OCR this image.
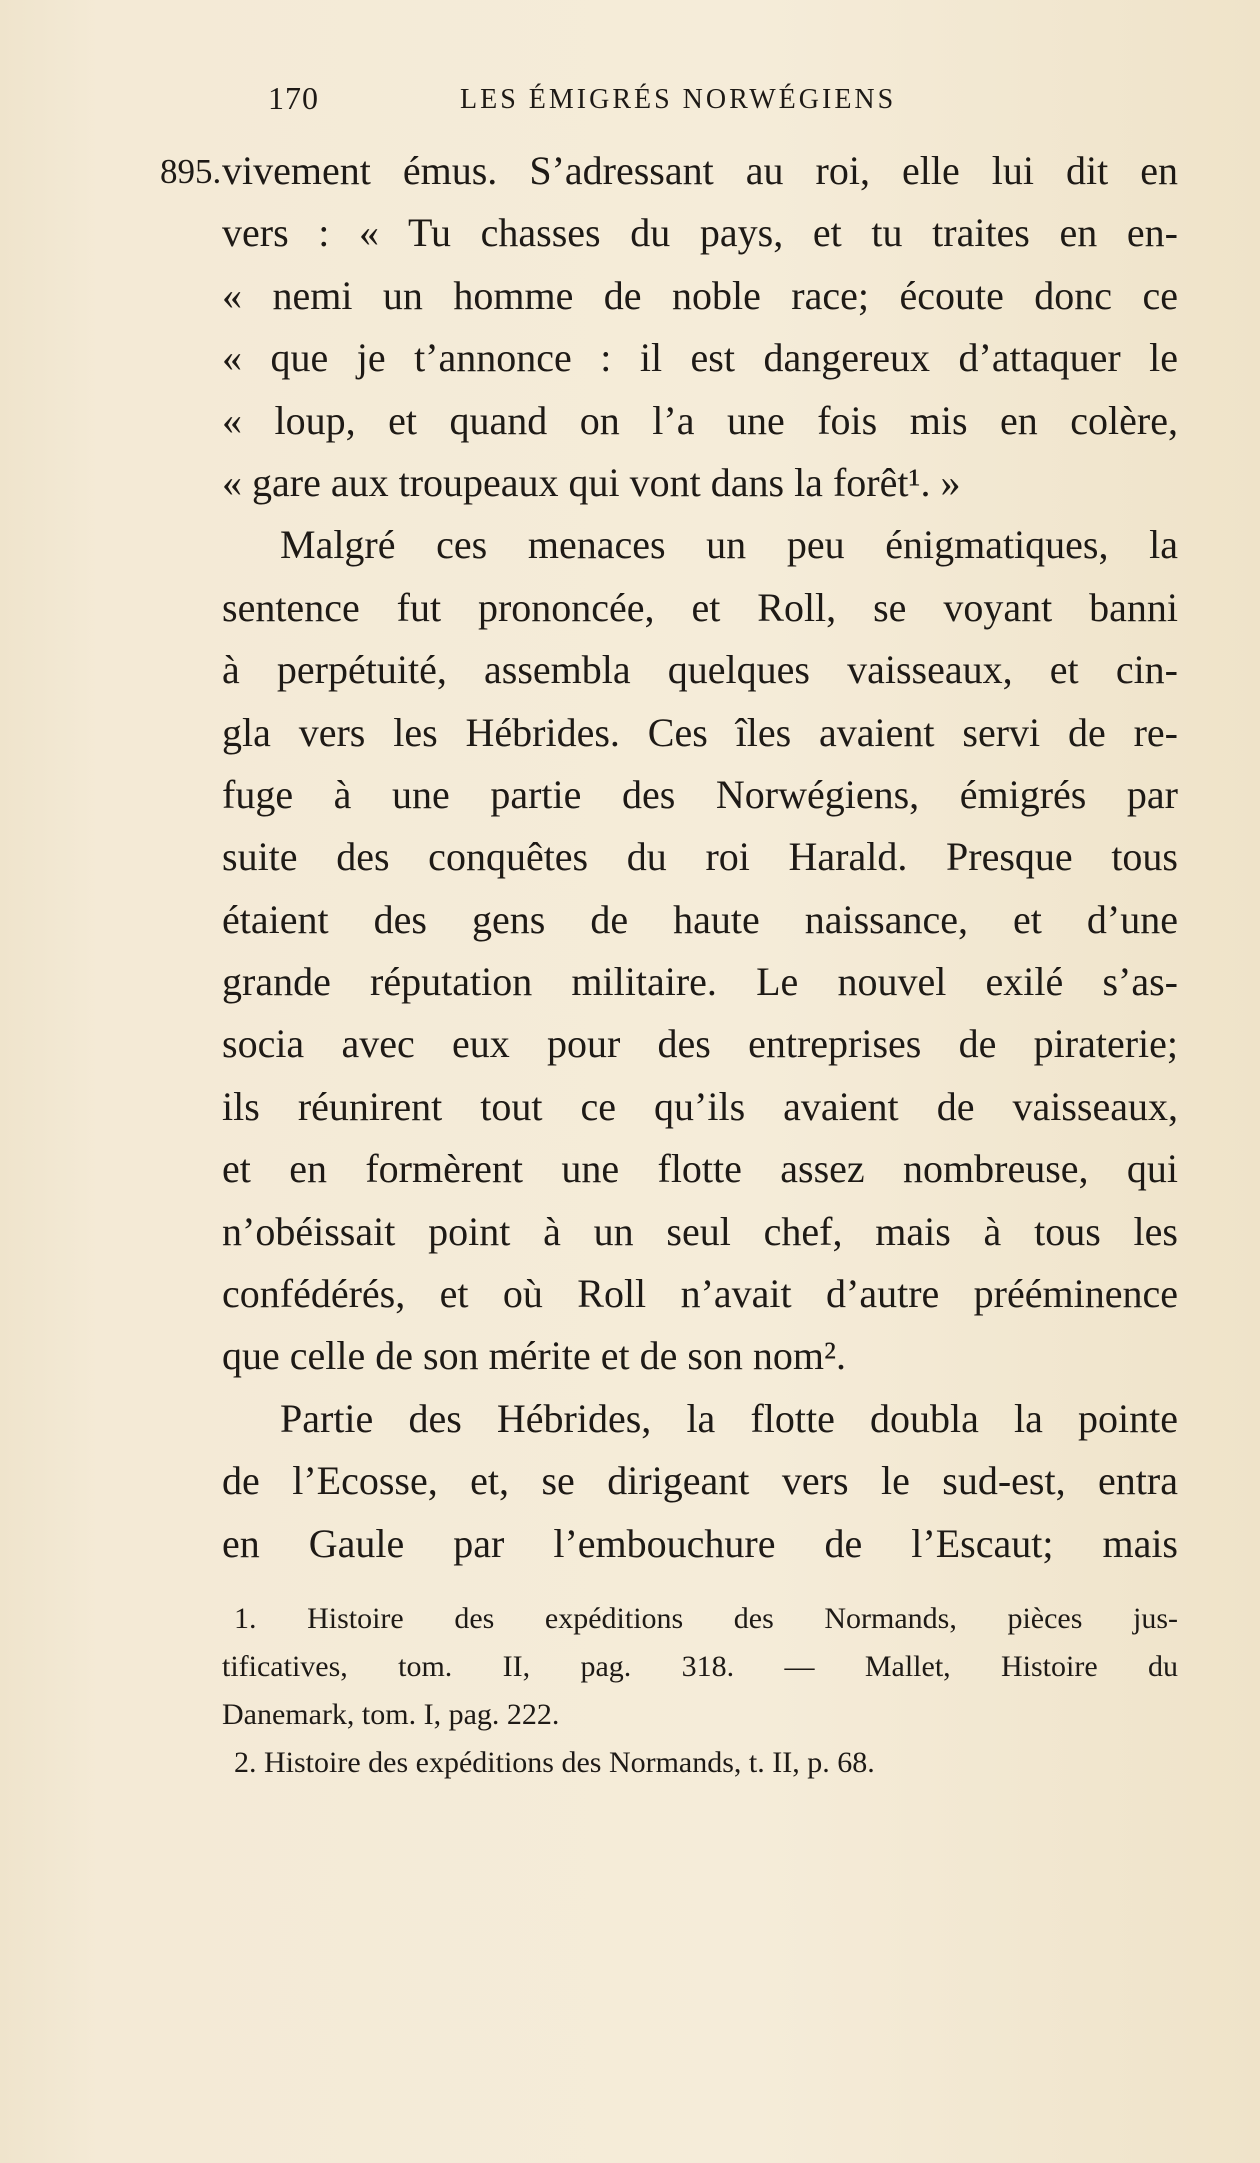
170	LES ÉMIGRÉS NORWÉGIENS
895. vivement émus. S’adressant au roi, elle lui dit en
vers : « Tu chasses du pays, et tu traites en en-
« nemi un homme de noble race; écoute donc ce
« que je t’annonce : il est dangereux d’attaquer le
« loup, et quand on l’a une fois mis en colère,
« gare aux troupeaux qui vont dans la forêt¹. »
Malgré ces menaces un peu énigmatiques, la
sentence fut prononcée, et Roll, se voyant banni
à perpétuité, assembla quelques vaisseaux, et cin-
gla vers les Hébrides. Ces îles avaient servi de re-
fuge à une partie des Norwégiens, émigrés par
suite des conquêtes du roi Harald. Presque tous
étaient des gens de haute naissance, et d’une
grande réputation militaire. Le nouvel exilé s’as-
socia avec eux pour des entreprises de piraterie;
ils réunirent tout ce qu’ils avaient de vaisseaux,
et en formèrent une flotte assez nombreuse, qui
n’obéissait point à un seul chef, mais à tous les
confédérés, et où Roll n’avait d’autre prééminence
que celle de son mérite et de son nom².
Partie des Hébrides, la flotte doubla la pointe
de l’Ecosse, et, se dirigeant vers le sud-est, entra
en Gaule par l’embouchure de l’Escaut; mais
1. Histoire des expéditions des Normands, pièces jus-
tificatives, tom. II, pag. 318. — Mallet, Histoire du
Danemark, tom. I, pag. 222.
2. Histoire des expéditions des Normands, t. II, p. 68.
